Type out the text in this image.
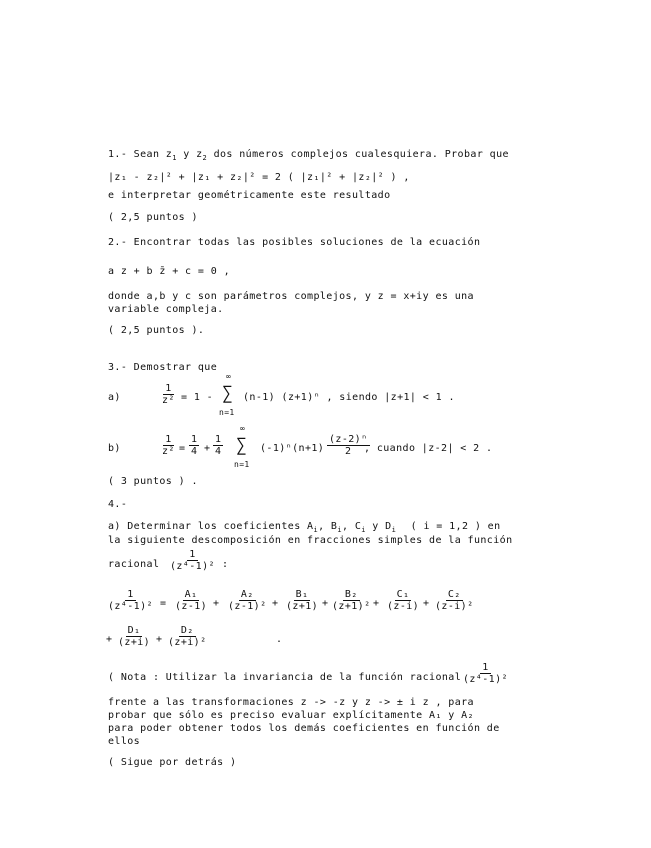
1.- Sean $z_1$ y $z_2$ dos números complejos cualesquiera. Probar que
|z₁ - z₂|² + |z₁ + z₂|² = 2 ( |z₁|² + |z₂|² ) ,
e interpretar geométricamente este resultado
( 2,5 puntos )
2.- Encontrar todas las posibles soluciones de la ecuación
a z + b z̄ + c = 0 ,
donde a,b y c son parámetros complejos, y z = x+iy es una
variable compleja.
( 2,5 puntos ).
3.- Demostrar que
a)	$\frac{1}{\text{z²}} = 1$ -
∞
∑
n=1
(n-1) (z+1)ⁿ , siendo |z+1| < 1 .
b)	$\frac{1}{\text{z²}} = \frac{1}{4} + \frac{1}{4}$
∞
∑
n=1
$(-1)^n(n+1) \frac{\text{(z-2)ⁿ}}{2}$
, cuando |z-2| < 2 .
( 3 puntos ) .
4.-
a) Determinar los coeficientes $A_i$, $B_i$, $C_i$ y $D_i$ ( i = 1,2 ) en
la siguiente descomposición en fracciones simples de la función
racional $\frac{1}{\text{(z⁴-1)²}}$ :
$\frac{1}{\text{(z⁴-1)²}} = \frac{\text{A₁}}{(z-1)} + \frac{\text{A₂}}{\text{(z-1)²}} + \frac{\text{B₁}}{(z+1)} + \frac{\text{B₂}}{\text{(z+1)²}} + \frac{\text{C₁}}{(z-i)} + \frac{\text{C₂}}{\text{(z-i)²}}$
+ $\frac{\text{D₁}}{(z+i)} + \frac{\text{D₂}}{\text{(z+i)²}}$	.
( Nota : Utilizar la invariancia de la función racional $\frac{1}{\text{(z⁴-1)²}}$
frente a las transformaciones z -> -z y z -> ± i z , para
probar que sólo es preciso evaluar explícitamente A₁ y A₂
para poder obtener todos los demás coeficientes en función de
ellos
( Sigue por detrás )
